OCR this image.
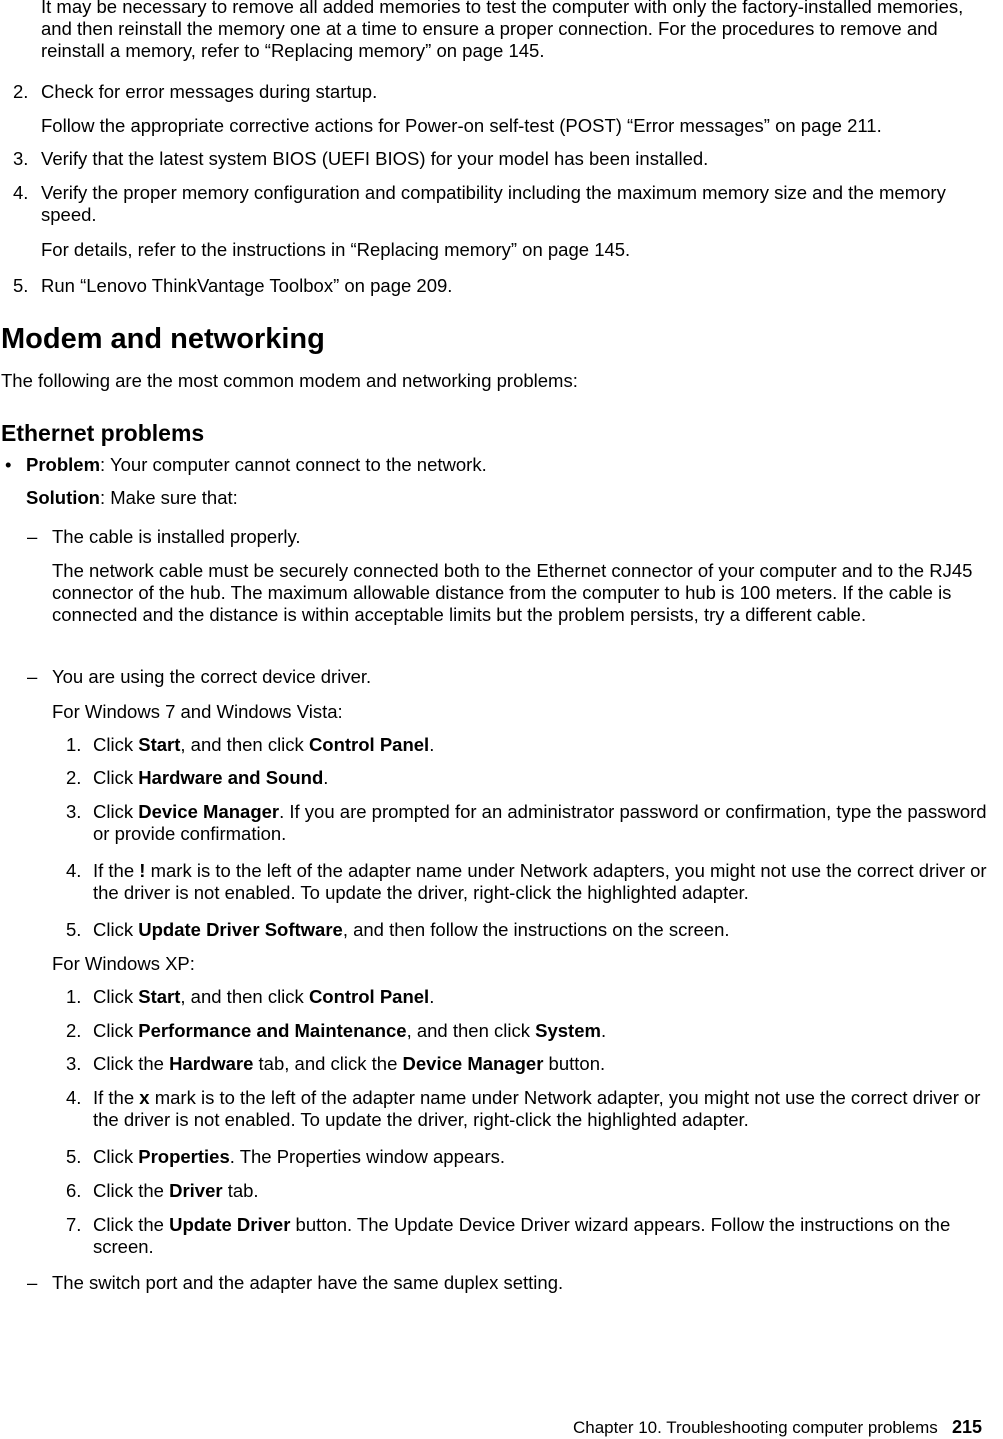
It may be necessary to remove all added memories to test the computer with only the factory-installed memories, and then reinstall the memory one at a time to ensure a proper connection. For the procedures to remove and reinstall a memory, refer to “Replacing memory” on page 145.
2. Check for error messages during startup.
Follow the appropriate corrective actions for Power-on self-test (POST) “Error messages” on page 211.
3. Verify that the latest system BIOS (UEFI BIOS) for your model has been installed.
4. Verify the proper memory configuration and compatibility including the maximum memory size and the memory speed.
For details, refer to the instructions in “Replacing memory” on page 145.
5. Run “Lenovo ThinkVantage Toolbox” on page 209.
Modem and networking
The following are the most common modem and networking problems:
Ethernet problems
• Problem: Your computer cannot connect to the network.
Solution: Make sure that:
– The cable is installed properly.
The network cable must be securely connected both to the Ethernet connector of your computer and to the RJ45 connector of the hub. The maximum allowable distance from the computer to hub is 100 meters. If the cable is connected and the distance is within acceptable limits but the problem persists, try a different cable.
– You are using the correct device driver.
For Windows 7 and Windows Vista:
1. Click Start, and then click Control Panel.
2. Click Hardware and Sound.
3. Click Device Manager. If you are prompted for an administrator password or confirmation, type the password or provide confirmation.
4. If the ! mark is to the left of the adapter name under Network adapters, you might not use the correct driver or the driver is not enabled. To update the driver, right-click the highlighted adapter.
5. Click Update Driver Software, and then follow the instructions on the screen.
For Windows XP:
1. Click Start, and then click Control Panel.
2. Click Performance and Maintenance, and then click System.
3. Click the Hardware tab, and click the Device Manager button.
4. If the x mark is to the left of the adapter name under Network adapter, you might not use the correct driver or the driver is not enabled. To update the driver, right-click the highlighted adapter.
5. Click Properties. The Properties window appears.
6. Click the Driver tab.
7. Click the Update Driver button. The Update Device Driver wizard appears. Follow the instructions on the screen.
– The switch port and the adapter have the same duplex setting.
Chapter 10. Troubleshooting computer problems 215
